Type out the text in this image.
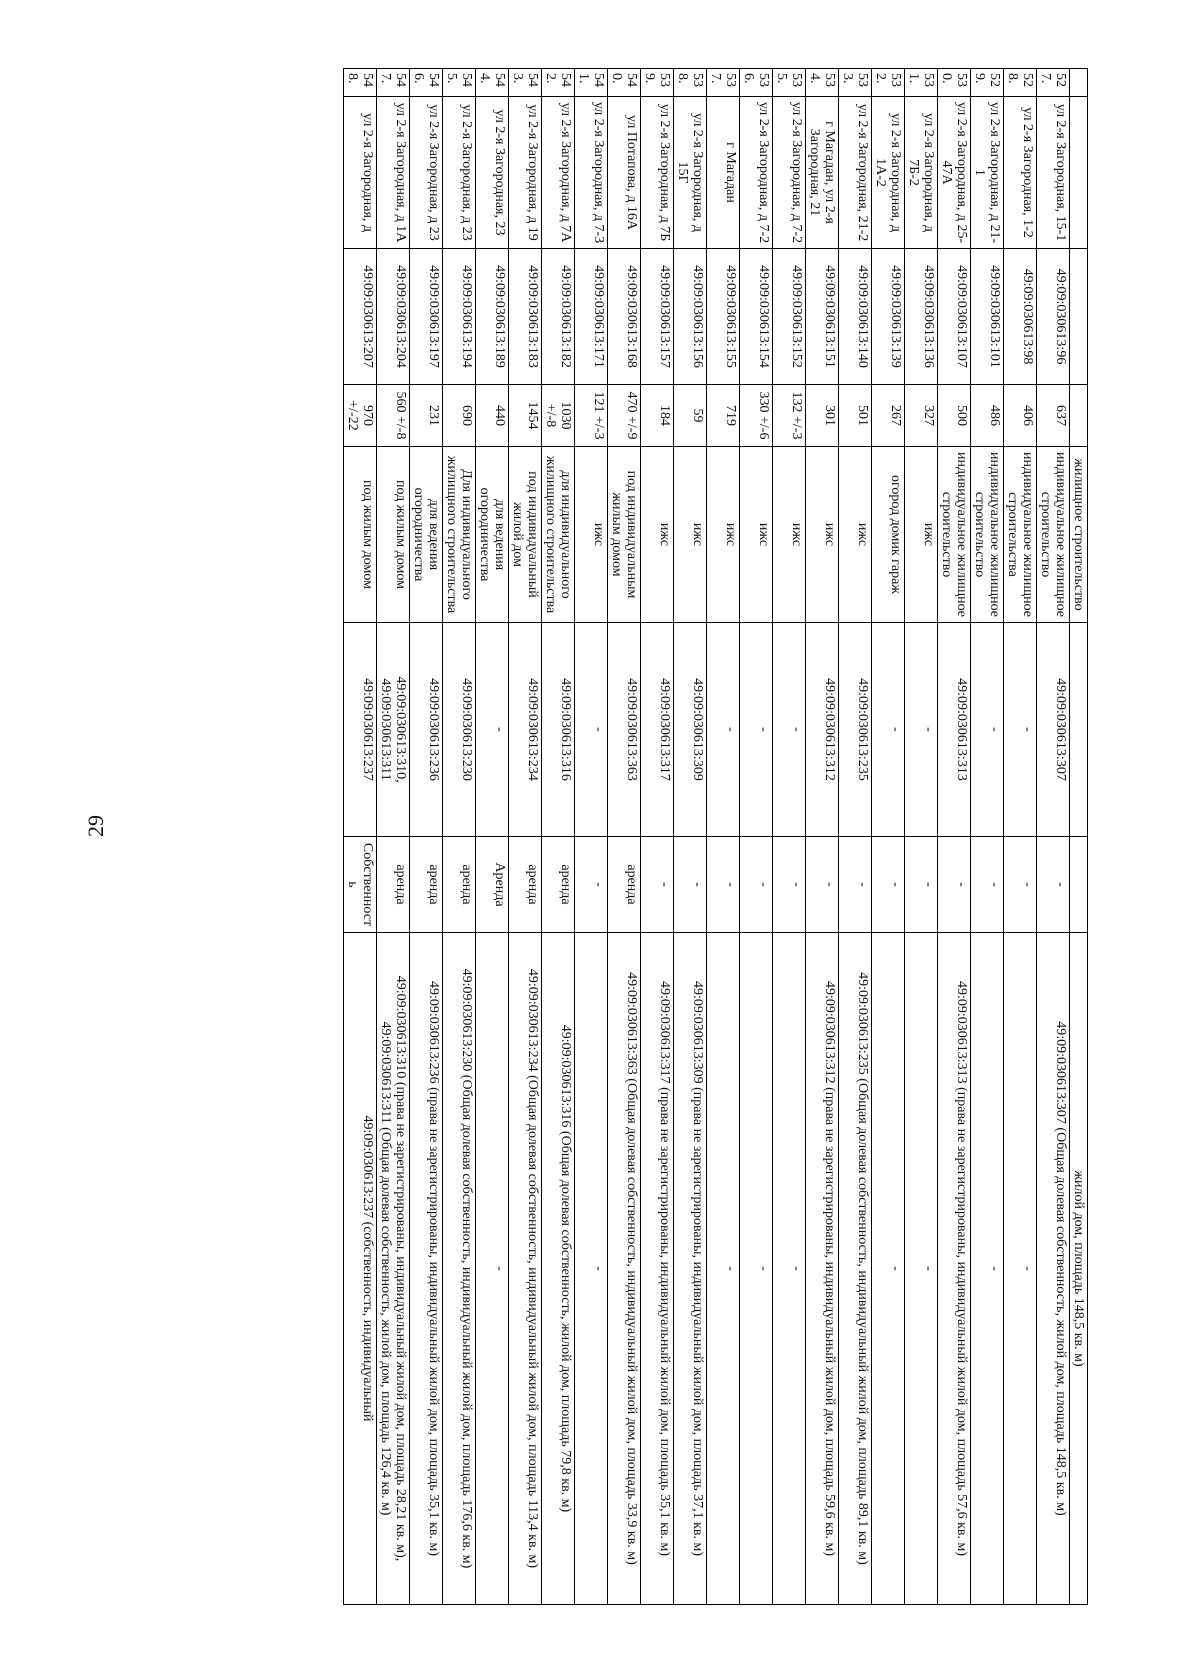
29
				жилищное строительство			жилой дом, площадь 148,5 кв. м)
527.	ул 2-я Загородная, 15-1	49:09:030613:96	637	индивидуальное жилищное строительство	49:09:030613:307	-	49:09:030613:307 (Общая долевая собственность, жилой дом, площадь 148,5 кв. м)
528.	ул 2-я Загородная, 1-2	49:09:030613:98	406	индивидуальное жилищное строительства	-	-	-
529.	ул 2-я Загородная, д 21-1	49:09:030613:101	486	индивидуальное жилищное строительство	-	-	-
530.	ул 2-я Загородная, д 25-47А	49:09:030613:107	500	индивидуальное жилищное строительство	49:09:030613:313	-	49:09:030613:313 (права не зарегистрированы, индивидуальный жилой дом, площадь 57,6 кв. м)
531.	ул 2-я Загородная, д 7Б-2	49:09:030613:136	327	ижс	-	-	-
532.	ул 2-я Загородная, д 1А-2	49:09:030613:139	267	огород домик гараж	-	-	-
533.	ул 2-я Загородная, 21-2	49:09:030613:140	501	ижс	49:09:030613:235	-	49:09:030613:235 (Общая долевая собственность, индивидуальный жилой дом, площадь 89,1 кв. м)
534.	г Магадан, ул 2-я Загородная, 21	49:09:030613:151	301	ижс	49:09:030613:312	-	49:09:030613:312 (права не зарегистрированы, индивидуальный жилой дом, площадь 59,6 кв. м)
535.	ул 2-я Загородная, д 7-2	49:09:030613:152	132 +/-3	ижс	-	-	-
536.	ул 2-я Загородная, д 7-2	49:09:030613:154	330 +/-6	ижс	-	-	-
537.	г Магадан	49:09:030613:155	719	ижс	-	-	-
538.	ул 2-я Загородная, д 15Г	49:09:030613:156	59	ижс	49:09:030613:309	-	49:09:030613:309 (права не зарегистрированы, индивидуальный жилой дом, площадь 37,1 кв. м)
539.	ул 2-я Загородная, д 7Б	49:09:030613:157	184	ижс	49:09:030613:317	-	49:09:030613:317 (права не зарегистрированы, индивидуальный жилой дом, площадь 35,1 кв. м)
540.	ул Потапова, д 16А	49:09:030613:168	470 +/-9	под индивидуальным жилым домом	49:09:030613:363	аренда	49:09:030613:363 (Общая долевая собственность, индивидуальный жилой дом, площадь 33,9 кв. м)
541.	ул 2-я Загородная, д 7-3	49:09:030613:171	121 +/-3	ижс	-	-	-
542.	ул 2-я Загородная, д 7А	49:09:030613:182	1030 +/-8	для индивидуального жилищного строительства	49:09:030613:316	аренда	49:09:030613:316 (Общая долевая собственность, жилой дом, площадь 79,8 кв. м)
543.	ул 2-я Загородная, д 19	49:09:030613:183	1454	под индивидуальный жилой дом	49:09:030613:234	аренда	49:09:030613:234 (Общая долевая собственность, индивидуальный жилой дом, площадь 113,4 кв. м)
544.	ул 2-я Загородная, 23	49:09:030613:189	440	для ведения огородничества	-	Аренда	-
545.	ул 2-я Загородная, д 23	49:09:030613:194	690	Для индивидуального жилищного строительства	49:09:030613:230	аренда	49:09:030613:230 (Общая долевая собственность, индивидуальный жилой дом, площадь 176,6 кв. м)
546.	ул 2-я Загородная, д 23	49:09:030613:197	231	для ведения огородничества	49:09:030613:236	аренда	49:09:030613:236 (права не зарегистрированы, индивидуальный жилой дом, площадь 35,1 кв. м)
547.	ул 2-я Загородная, д 1А	49:09:030613:204	560 +/-8	под жилым домом	49:09:030613:310, 49:09:030613:311	аренда	49:09:030613:310 (права не зарегистрированы, индивидуальный жилой дом, площадь 28,21 кв. м), 49:09:030613:311 (Общая долевая собственность, жилой дом, площадь 126,4 кв. м)
548.	ул 2-я Загородная, д	49:09:030613:207	970 +/-22	под жилым домом	49:09:030613:237	Собственность	49:09:030613:237 (собственность, индивидуальный
